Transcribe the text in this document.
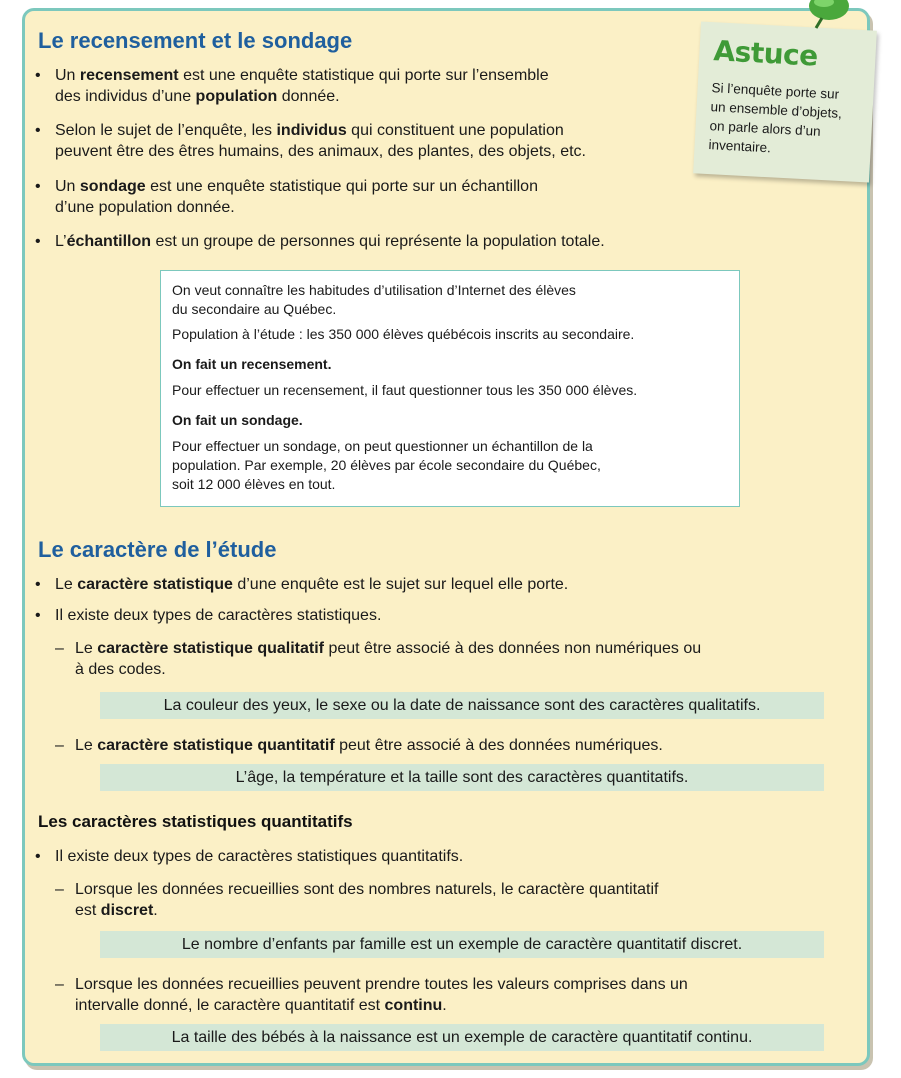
Le recensement et le sondage
• Un recensement est une enquête statistique qui porte sur l’ensemble
des individus d’une population donnée.
• Selon le sujet de l’enquête, les individus qui constituent une population
peuvent être des êtres humains, des animaux, des plantes, des objets, etc.
• Un sondage est une enquête statistique qui porte sur un échantillon
d’une population donnée.
• L’échantillon est un groupe de personnes qui représente la population totale.
On veut connaître les habitudes d’utilisation d’Internet des élèves
du secondaire au Québec.
Population à l’étude : les 350 000 élèves québécois inscrits au secondaire.
On fait un recensement.
Pour effectuer un recensement, il faut questionner tous les 350 000 élèves.
On fait un sondage.
Pour effectuer un sondage, on peut questionner un échantillon de la
population. Par exemple, 20 élèves par école secondaire du Québec,
soit 12 000 élèves en tout.
Le caractère de l’étude
• Le caractère statistique d’une enquête est le sujet sur lequel elle porte.
• Il existe deux types de caractères statistiques.
– Le caractère statistique qualitatif peut être associé à des données non numériques ou
à des codes.
La couleur des yeux, le sexe ou la date de naissance sont des caractères qualitatifs.
– Le caractère statistique quantitatif peut être associé à des données numériques.
L’âge, la température et la taille sont des caractères quantitatifs.
Les caractères statistiques quantitatifs
• Il existe deux types de caractères statistiques quantitatifs.
– Lorsque les données recueillies sont des nombres naturels, le caractère quantitatif
est discret.
Le nombre d’enfants par famille est un exemple de caractère quantitatif discret.
– Lorsque les données recueillies peuvent prendre toutes les valeurs comprises dans un
intervalle donné, le caractère quantitatif est continu.
La taille des bébés à la naissance est un exemple de caractère quantitatif continu.
Astuce
Si l’enquête porte sur
un ensemble d’objets,
on parle alors d’un
inventaire.
